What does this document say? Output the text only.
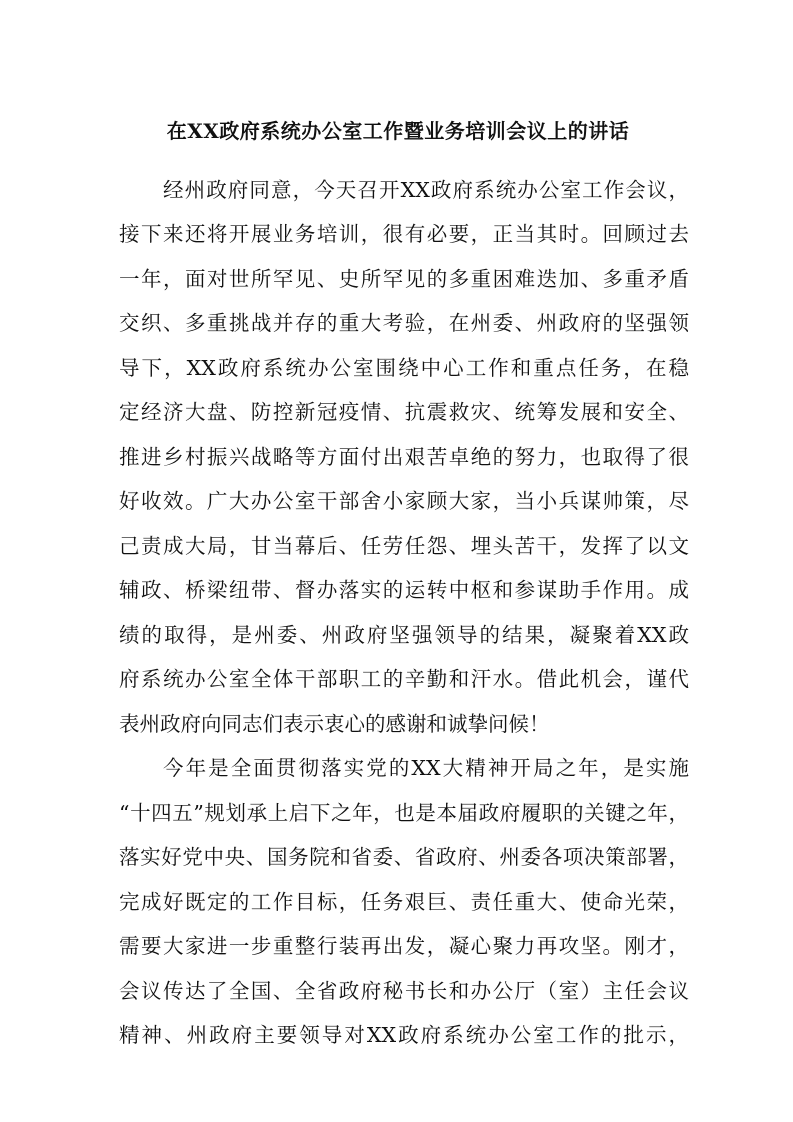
在XX政府系统办公室工作暨业务培训会议上的讲话
经州政府同意，今天召开XX政府系统办公室工作会议，
接下来还将开展业务培训，很有必要，正当其时。回顾过去
一年，面对世所罕见、史所罕见的多重困难迭加、多重矛盾
交织、多重挑战并存的重大考验，在州委、州政府的坚强领
导下，XX政府系统办公室围绕中心工作和重点任务，在稳
定经济大盘、防控新冠疫情、抗震救灾、统筹发展和安全、
推进乡村振兴战略等方面付出艰苦卓绝的努力，也取得了很
好收效。广大办公室干部舍小家顾大家，当小兵谋帅策，尽
己责成大局，甘当幕后、任劳任怨、埋头苦干，发挥了以文
辅政、桥梁纽带、督办落实的运转中枢和参谋助手作用。成
绩的取得，是州委、州政府坚强领导的结果，凝聚着XX政
府系统办公室全体干部职工的辛勤和汗水。借此机会，谨代
表州政府向同志们表示衷心的感谢和诚挚问候！
今年是全面贯彻落实党的XX大精神开局之年，是实施
“十四五”规划承上启下之年，也是本届政府履职的关键之年，
落实好党中央、国务院和省委、省政府、州委各项决策部署，
完成好既定的工作目标，任务艰巨、责任重大、使命光荣，
需要大家进一步重整行装再出发，凝心聚力再攻坚。刚才，
会议传达了全国、全省政府秘书长和办公厅（室）主任会议
精神、州政府主要领导对XX政府系统办公室工作的批示，
